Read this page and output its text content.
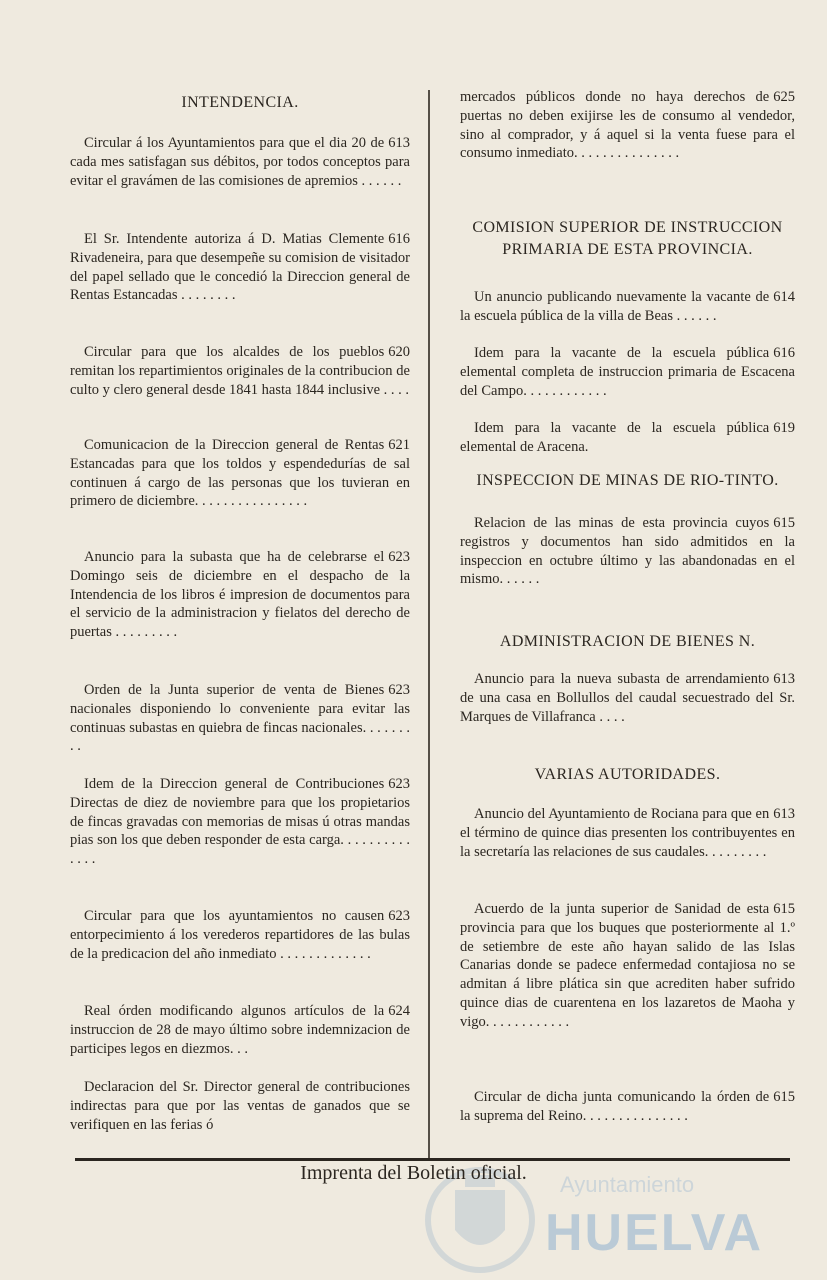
INTENDENCIA.
613
Circular á los Ayuntamientos para que el dia 20 de cada mes satisfagan sus débitos, por todos conceptos para evitar el gravámen de las comisiones de apremios . . . . . .
616
El Sr. Intendente autoriza á D. Matias Clemente Rivadeneira, para que desempeñe su comision de visitador del papel sellado que le concedió la Direccion general de Rentas Estancadas . . . . . . . .
620
Circular para que los alcaldes de los pueblos remitan los repartimientos originales de la contribucion de culto y clero general desde 1841 hasta 1844 inclusive . . . .
621
Comunicacion de la Direccion general de Rentas Estancadas para que los toldos y espendedurías de sal continuen á cargo de las personas que los tuvieran en primero de diciembre. . . . . . . . . . . . . . . .
623
Anuncio para la subasta que ha de celebrarse el Domingo seis de diciembre en el despacho de la Intendencia de los libros é impresion de documentos para el servicio de la administracion y fielatos del derecho de puertas . . . . . . . . .
623
Orden de la Junta superior de venta de Bienes nacionales disponiendo lo conveniente para evitar las continuas subastas en quiebra de fincas nacionales. . . . . . . . .
623
Idem de la Direccion general de Contribuciones Directas de diez de noviembre para que los propietarios de fincas gravadas con memorias de misas ú otras mandas pias son los que deben responder de esta carga. . . . . . . . . . . . . .
623
Circular para que los ayuntamientos no causen entorpecimiento á los verederos repartidores de las bulas de la predicacion del año inmediato . . . . . . . . . . . . .
624
Real órden modificando algunos artículos de la instruccion de 28 de mayo último sobre indemnizacion de participes legos en diezmos. . .
Declaracion del Sr. Director general de contribuciones indirectas para que por las ventas de ganados que se verifiquen en las ferias ó
625
mercados públicos donde no haya derechos de puertas no deben exijirse les de consumo al vendedor, sino al comprador, y á aquel si la venta fuese para el consumo inmediato. . . . . . . . . . . . . . .
COMISION SUPERIOR DE INSTRUCCION PRIMARIA DE ESTA PROVINCIA.
614
Un anuncio publicando nuevamente la vacante de la escuela pública de la villa de Beas . . . . . .
616
Idem para la vacante de la escuela pública elemental completa de instruccion primaria de Escacena del Campo. . . . . . . . . . . .
619
Idem para la vacante de la escuela pública elemental de Aracena.
INSPECCION DE MINAS DE RIO-TINTO.
615
Relacion de las minas de esta provincia cuyos registros y documentos han sido admitidos en la inspeccion en octubre último y las abandonadas en el mismo. . . . . .
ADMINISTRACION DE BIENES N.
613
Anuncio para la nueva subasta de arrendamiento de una casa en Bollullos del caudal secuestrado del Sr. Marques de Villafranca . . . .
VARIAS AUTORIDADES.
613
Anuncio del Ayuntamiento de Rociana para que en el término de quince dias presenten los contribuyentes en la secretaría las relaciones de sus caudales. . . . . . . . .
615
Acuerdo de la junta superior de Sanidad de esta provincia para que los buques que posteriormente al 1.º de setiembre de este año hayan salido de las Islas Canarias donde se padece enfermedad contajiosa no se admitan á libre plática sin que acrediten haber sufrido quince dias de cuarentena en los lazaretos de Maoha y vigo. . . . . . . . . . . .
615
Circular de dicha junta comunicando la órden de la suprema del Reino. . . . . . . . . . . . . . .
Ayuntamiento
HUELVA
Imprenta del Boletin oficial.
